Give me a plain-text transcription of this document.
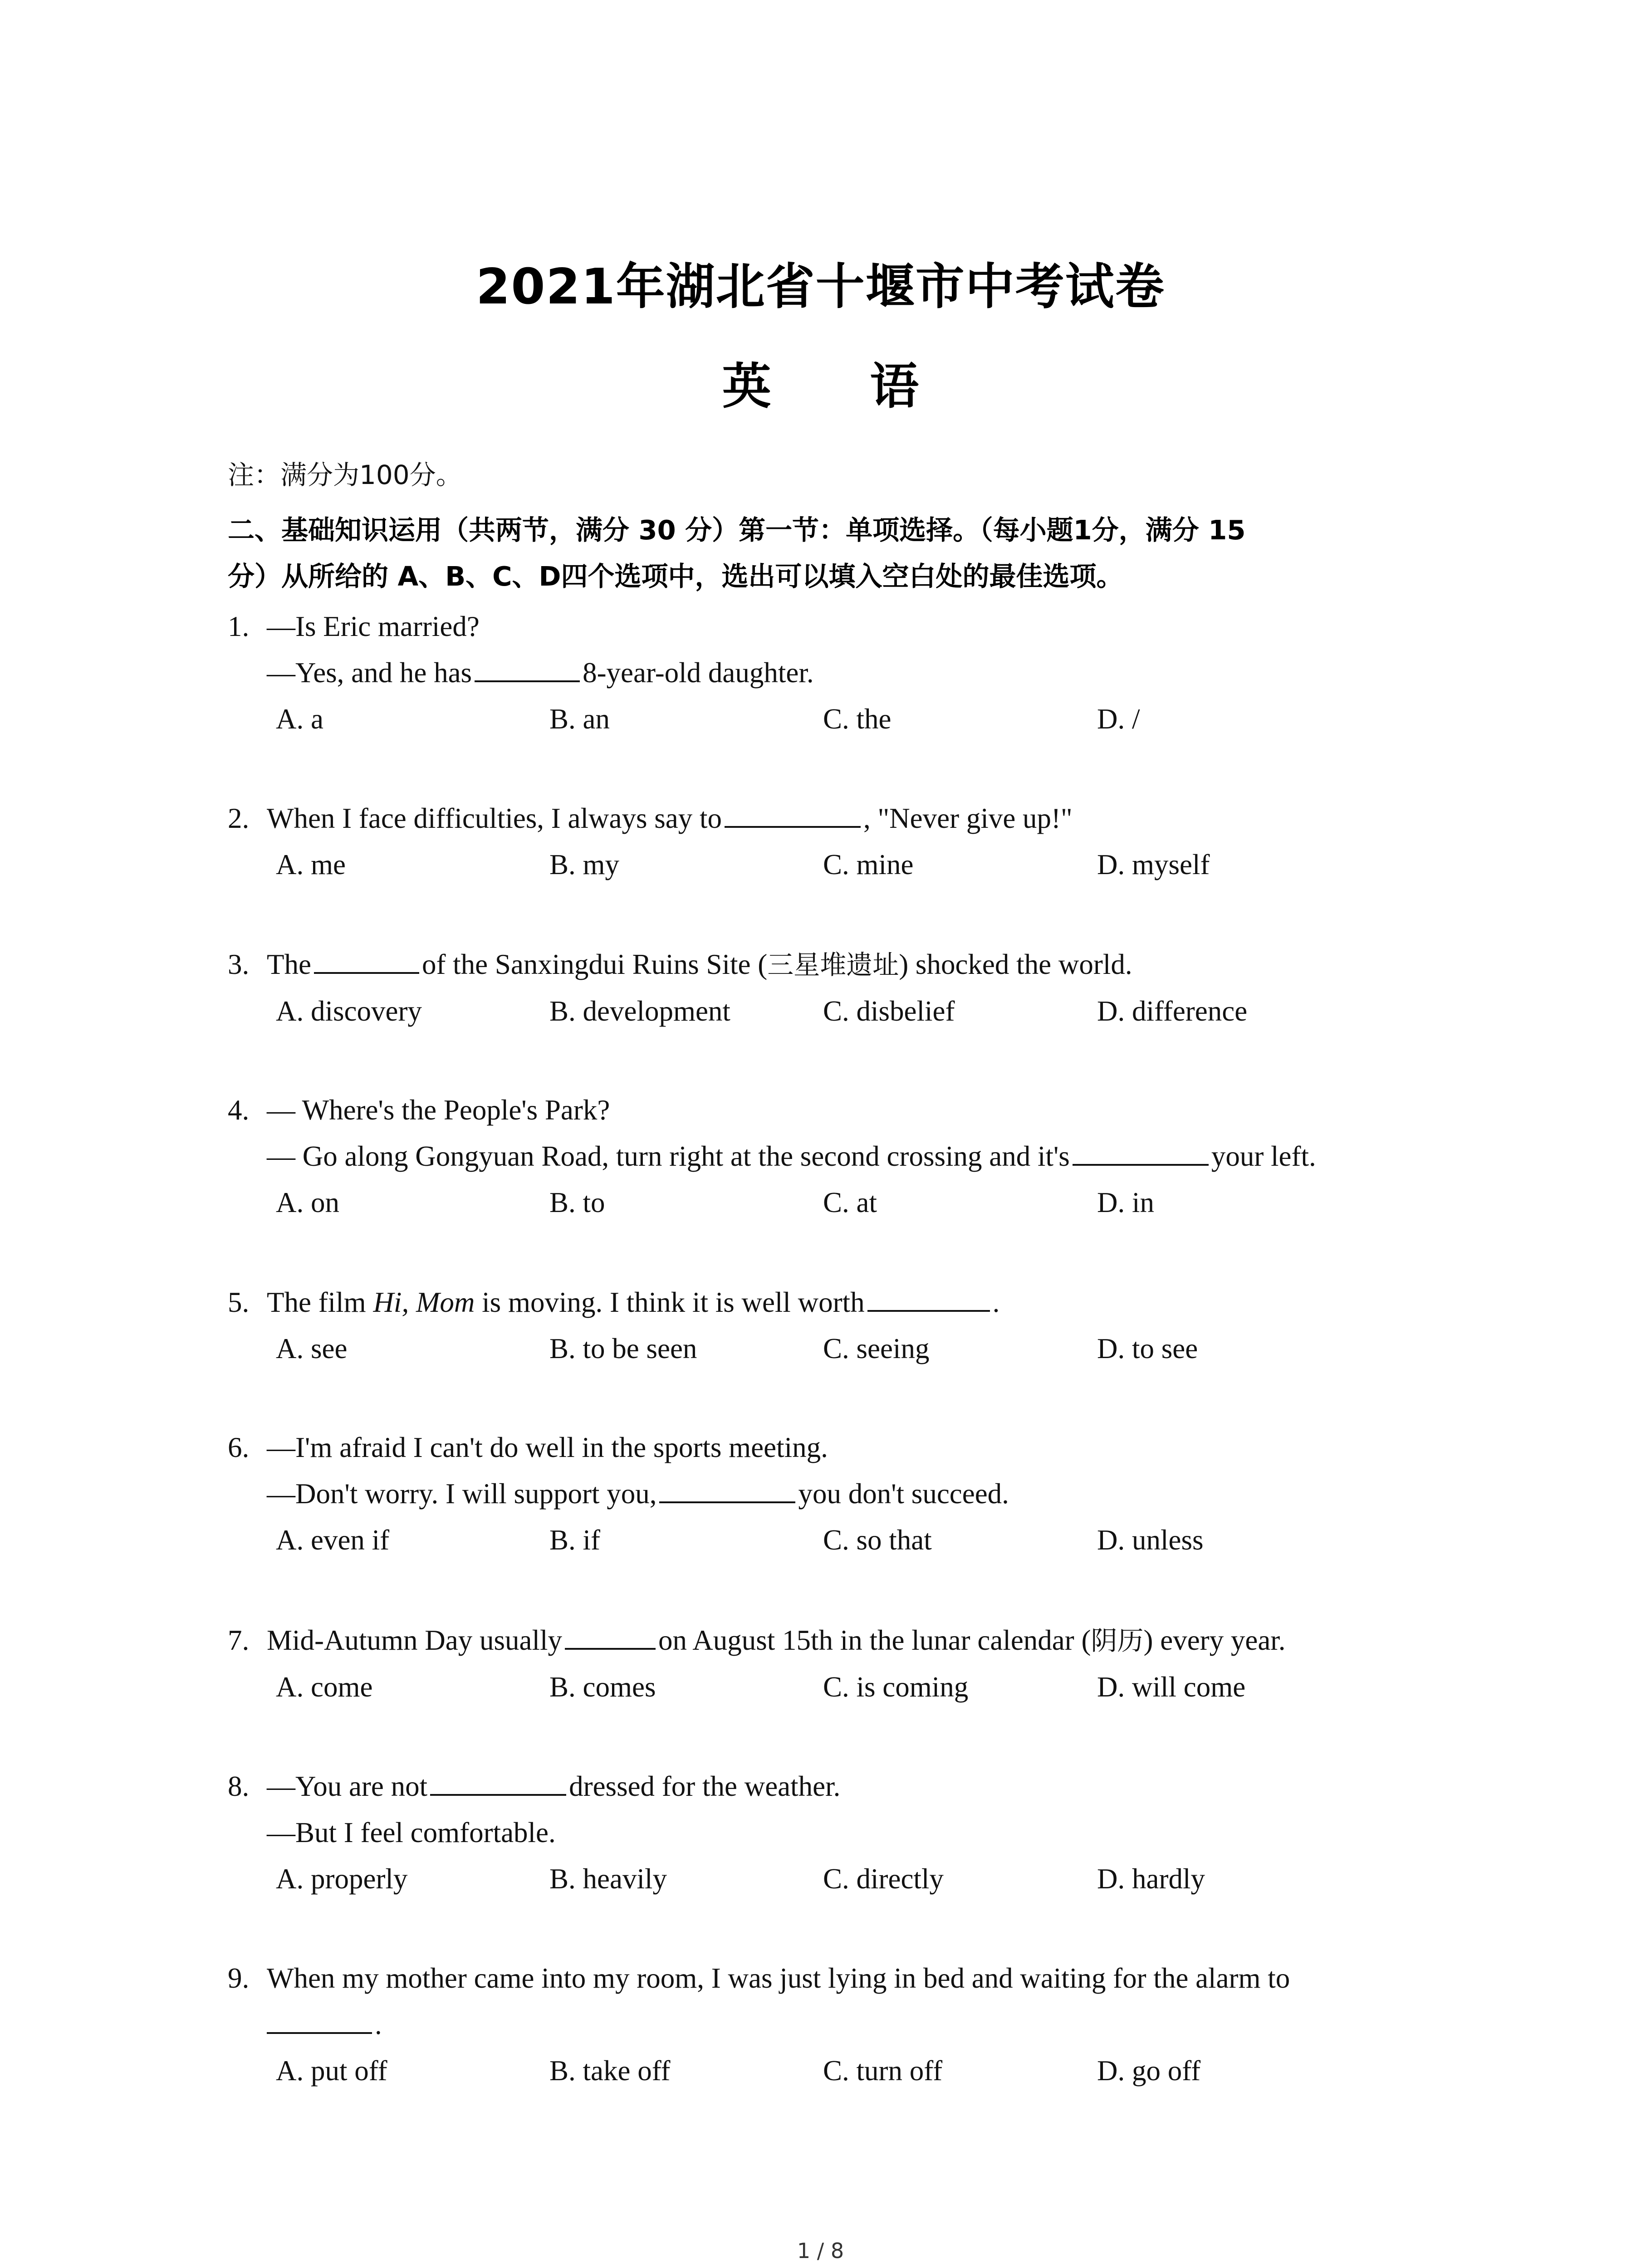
2021年湖北省十堰市中考试卷
英 语
注：满分为100分。
二、基础知识运用（共两节，满分 30 分）第一节：单项选择。（每小题1分，满分 15
分）从所给的 A、B、C、D四个选项中，选出可以填入空白处的最佳选项。
1. —Is Eric married?
—Yes, and he has	8-year-old daughter.
A. a	B. an	C. the	D. /
2. When I face difficulties, I always say to	, "Never give up!"
A. me	B. my	C. mine	D. myself
3. The	of the Sanxingdui Ruins Site (三星堆遗址) shocked the world.
A. discovery	B. development	C. disbelief	D. difference
4. — Where's the People's Park?
— Go along Gongyuan Road, turn right at the second crossing and it's	your left.
A. on	B. to	C. at	D. in
5. The film Hi, Mom is moving. I think it is well worth	.
A. see	B. to be seen	C. seeing	D. to see
6. —I'm afraid I can't do well in the sports meeting.
—Don't worry. I will support you,	you don't succeed.
A. even if	B. if	C. so that	D. unless
7. Mid-Autumn Day usually	on August 15th in the lunar calendar (阴历) every year.
A. come	B. comes	C. is coming	D. will come
8. —You are not	dressed for the weather.
—But I feel comfortable.
A. properly	B. heavily	C. directly	D. hardly
9. When my mother came into my room, I was just lying in bed and waiting for the alarm to
.
A. put off	B. take off	C. turn off	D. go off
1 / 8
